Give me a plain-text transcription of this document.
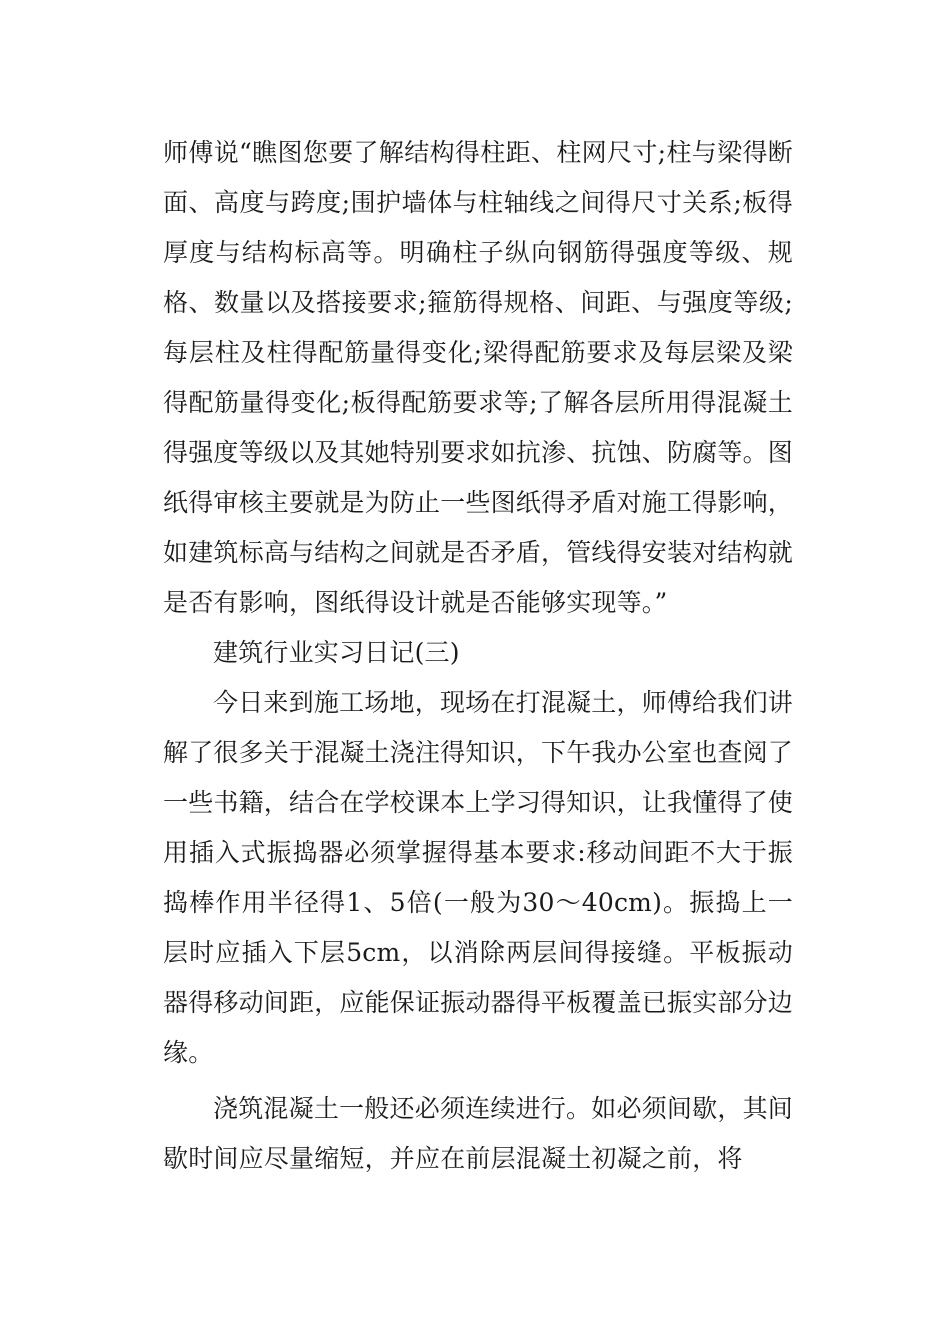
师傅说“瞧图您要了解结构得柱距、柱网尺寸;柱与梁得断面、高度与跨度;围护墙体与柱轴线之间得尺寸关系;板得厚度与结构标高等。明确柱子纵向钢筋得强度等级、规格、数量以及搭接要求;箍筋得规格、间距、与强度等级;每层柱及柱得配筋量得变化;梁得配筋要求及每层梁及梁得配筋量得变化;板得配筋要求等;了解各层所用得混凝土得强度等级以及其她特别要求如抗渗、抗蚀、防腐等。图纸得审核主要就是为防止一些图纸得矛盾对施工得影响，如建筑标高与结构之间就是否矛盾，管线得安装对结构就是否有影响，图纸得设计就是否能够实现等。”

建筑行业实习日记(三)

今日来到施工场地，现场在打混凝土，师傅给我们讲解了很多关于混凝土浇注得知识，下午我办公室也查阅了一些书籍，结合在学校课本上学习得知识，让我懂得了使用插入式振捣器必须掌握得基本要求:移动间距不大于振捣棒作用半径得1、5倍(一般为30～40cm)。振捣上一层时应插入下层5cm，以消除两层间得接缝。平板振动器得移动间距，应能保证振动器得平板覆盖已振实部分边缘。

浇筑混凝土一般还必须连续进行。如必须间歇，其间歇时间应尽量缩短，并应在前层混凝土初凝之前，将
